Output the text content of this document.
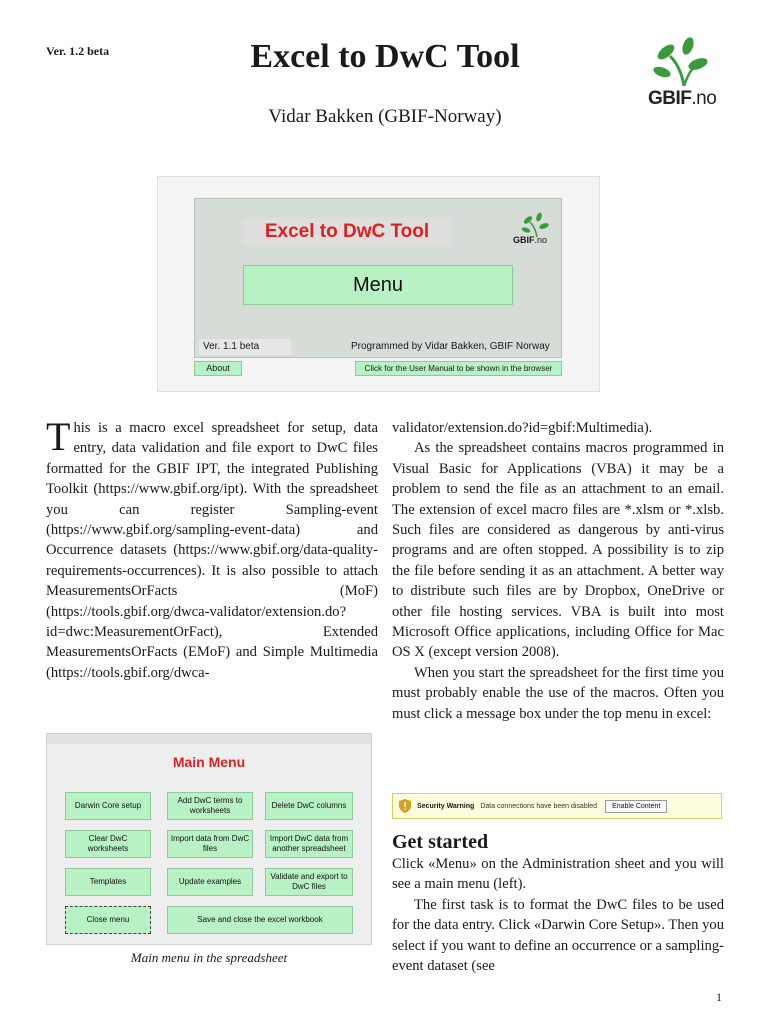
Ver. 1.2 beta	Excel to DwC Tool
Vidar Bakken (GBIF-Norway)
GBIF.no
Excel to DwC Tool	GBIF.no
Menu
Ver. 1.1 beta	Programmed by Vidar Bakken, GBIF Norway
About	Click for the User Manual to be shown in the browser

This is a macro excel spreadsheet for setup, data entry, data validation and file export to DwC files formatted for the GBIF IPT, the integrated Publishing Toolkit (https://www.gbif.org/ipt). With the spreadsheet you can register Sampling-event (https://www.gbif.org/sampling-event-data) and Occurrence datasets (https://www.gbif.org/data-quality-requirements-occurrences). It is also possible to attach MeasurementsOrFacts (MoF) (https://tools.gbif.org/dwca-validator/extension.do?id=dwc:MeasurementOrFact), Extended MeasurementsOrFacts (EMoF) and Simple Multimedia (https://tools.gbif.org/dwca-

Main Menu
Darwin Core setup
Add DwC terms to worksheets
Delete DwC columns
Clear DwC worksheets
Import data from DwC files
Import DwC data from another spreadsheet
Templates	Update examples
Validate and export to DwC files
Close menu	Save and close the excel workbook
Main menu in the spreadsheet

validator/extension.do?id=gbif:Multimedia).

As the spreadsheet contains macros programmed in Visual Basic for Applications (VBA) it may be a problem to send the file as an attachment to an email. The extension of excel macro files are *.xlsm or *.xlsb. Such files are considered as dangerous by anti-virus programs and are often stopped. A possibility is to zip the file before sending it as an attachment. A better way to distribute such files are by Dropbox, OneDrive or other file hosting services. VBA is built into most Microsoft Office applications, including Office for Mac OS X (except version 2008).

When you start the spreadsheet for the first time you must probably enable the use of the macros. Often you must click a message box under the top menu in excel:

Security Warning Data connections have been disabled	Enable Content
Get started

Click «Menu» on the Administration sheet and you will see a main menu (left).

The first task is to format the DwC files to be used for the data entry. Click «Darwin Core Setup». Then you select if you want to define an occurrence or a sampling-event dataset (see

1
